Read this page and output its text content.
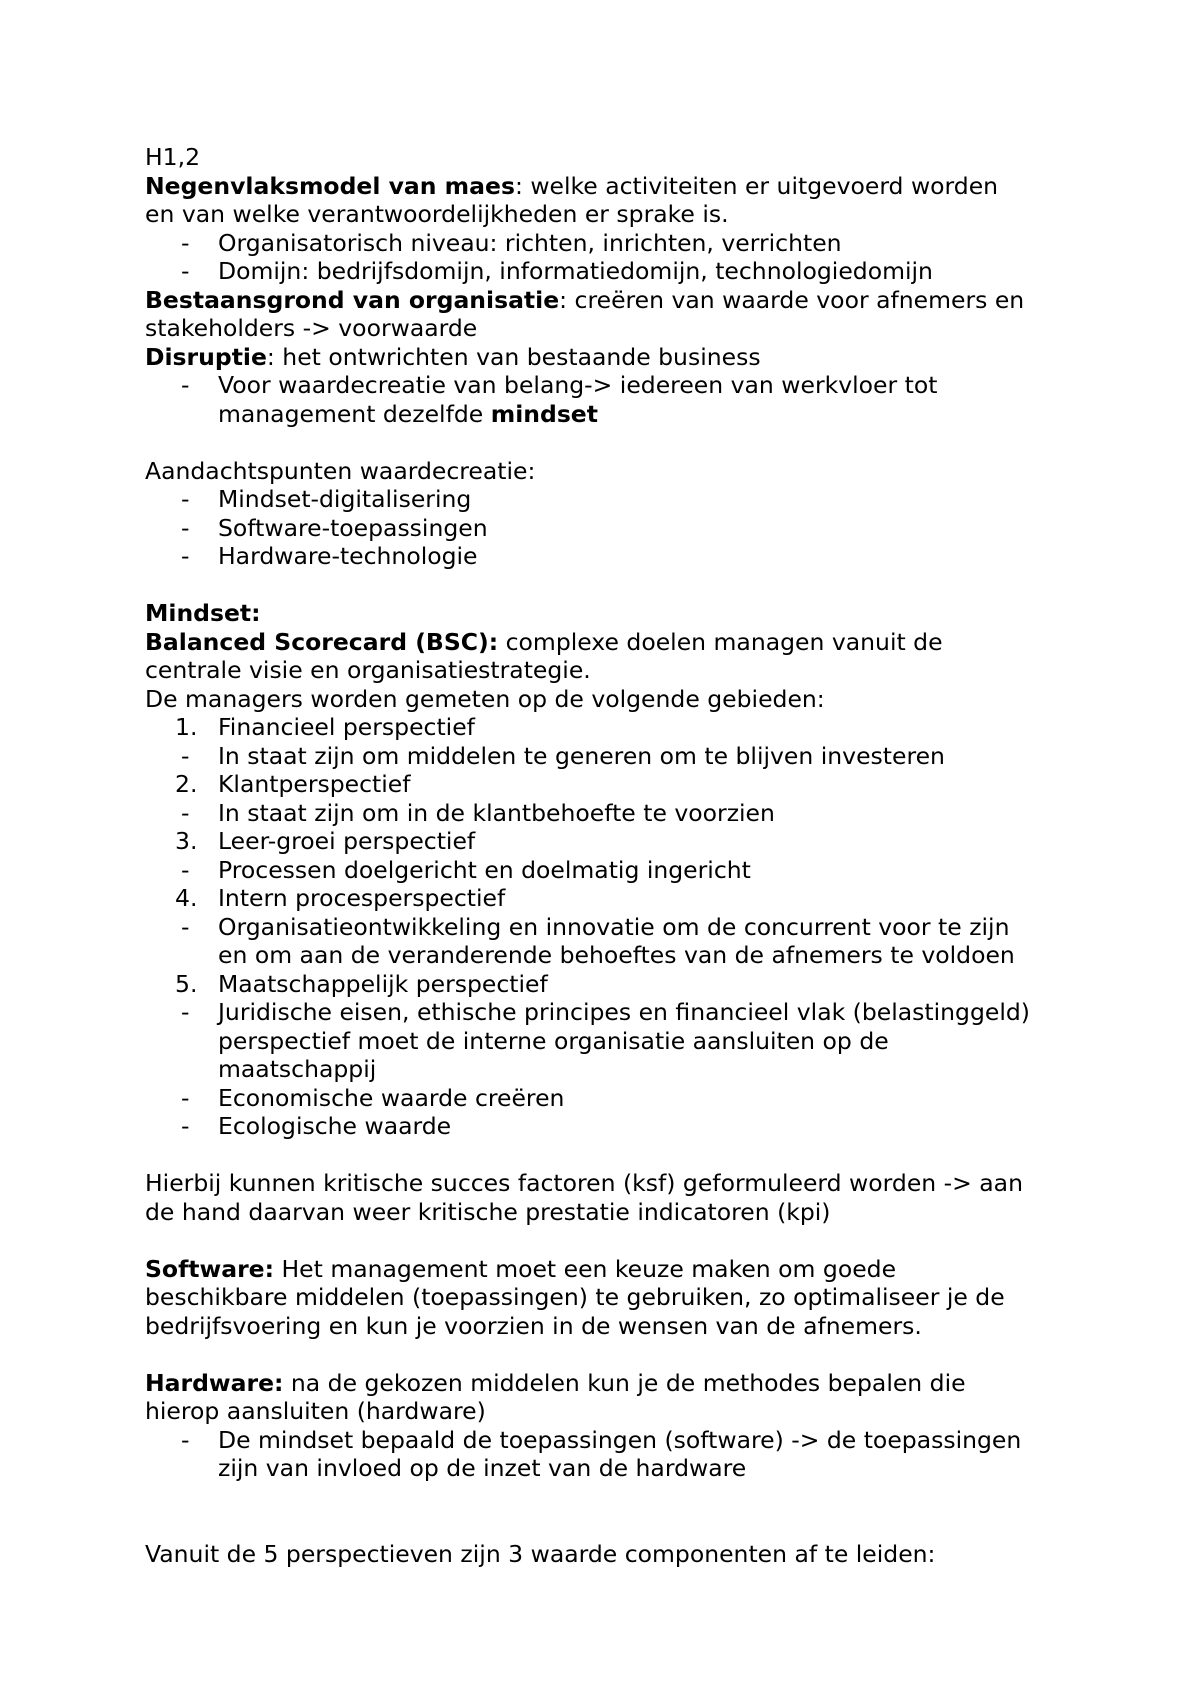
H1,2
Negenvlaksmodel van maes: welke activiteiten er uitgevoerd worden
en van welke verantwoordelijkheden er sprake is.
- Organisatorisch niveau: richten, inrichten, verrichten
- Domijn: bedrijfsdomijn, informatiedomijn, technologiedomijn
Bestaansgrond van organisatie: creëren van waarde voor afnemers en
stakeholders -> voorwaarde
Disruptie: het ontwrichten van bestaande business
- Voor waardecreatie van belang-> iedereen van werkvloer tot
management dezelfde mindset
Aandachtspunten waardecreatie:
- Mindset-digitalisering
- Software-toepassingen
- Hardware-technologie
Mindset:
Balanced Scorecard (BSC): complexe doelen managen vanuit de
centrale visie en organisatiestrategie.
De managers worden gemeten op de volgende gebieden:
1. Financieel perspectief
- In staat zijn om middelen te generen om te blijven investeren
2. Klantperspectief
- In staat zijn om in de klantbehoefte te voorzien
3. Leer-groei perspectief
- Processen doelgericht en doelmatig ingericht
4. Intern procesperspectief
- Organisatieontwikkeling en innovatie om de concurrent voor te zijn
en om aan de veranderende behoeftes van de afnemers te voldoen
5. Maatschappelijk perspectief
- Juridische eisen, ethische principes en financieel vlak (belastinggeld)
perspectief moet de interne organisatie aansluiten op de
maatschappij
- Economische waarde creëren
- Ecologische waarde
Hierbij kunnen kritische succes factoren (ksf) geformuleerd worden -> aan
de hand daarvan weer kritische prestatie indicatoren (kpi)
Software: Het management moet een keuze maken om goede
beschikbare middelen (toepassingen) te gebruiken, zo optimaliseer je de
bedrijfsvoering en kun je voorzien in de wensen van de afnemers.
Hardware: na de gekozen middelen kun je de methodes bepalen die
hierop aansluiten (hardware)
- De mindset bepaald de toepassingen (software) -> de toepassingen
zijn van invloed op de inzet van de hardware
Vanuit de 5 perspectieven zijn 3 waarde componenten af te leiden:
